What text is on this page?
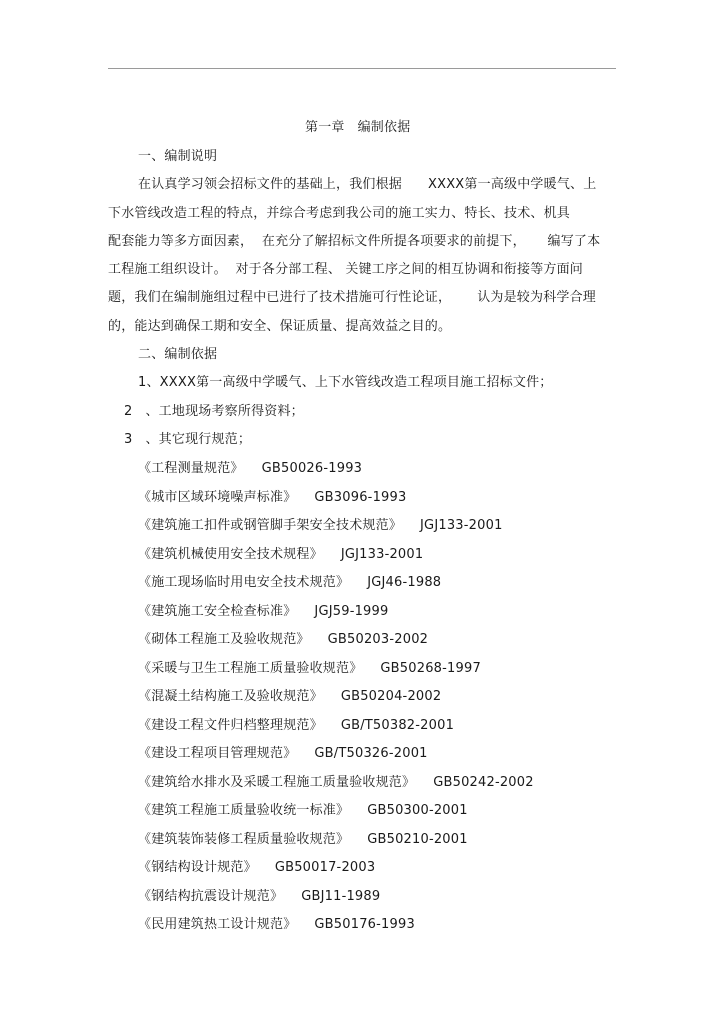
第一章   编制依据
一、编制说明
在认真学习领会招标文件的基础上，我们根据      XXXX第一高级中学暖气、上
下水管线改造工程的特点，并综合考虑到我公司的施工实力、特长、技术、机具
配套能力等多方面因素，  在充分了解招标文件所提各项要求的前提下，     编写了本
工程施工组织设计。  对于各分部工程、 关键工序之间的相互协调和衔接等方面问
题，我们在编制施组过程中已进行了技术措施可行性论证，      认为是较为科学合理
的，能达到确保工期和安全、保证质量、提高效益之目的。
二、编制依据
1、XXXX第一高级中学暖气、上下水管线改造工程项目施工招标文件；
2   、工地现场考察所得资料；
3   、其它现行规范；
《工程测量规范》 GB50026-1993
《城市区域环境噪声标准》 GB3096-1993
《建筑施工扣件或钢管脚手架安全技术规范》 JGJ133-2001
《建筑机械使用安全技术规程》 JGJ133-2001
《施工现场临时用电安全技术规范》 JGJ46-1988
《建筑施工安全检查标准》 JGJ59-1999
《砌体工程施工及验收规范》 GB50203-2002
《采暖与卫生工程施工质量验收规范》 GB50268-1997
《混凝土结构施工及验收规范》 GB50204-2002
《建设工程文件归档整理规范》 GB/T50382-2001
《建设工程项目管理规范》 GB/T50326-2001
《建筑给水排水及采暖工程施工质量验收规范》 GB50242-2002
《建筑工程施工质量验收统一标准》 GB50300-2001
《建筑装饰装修工程质量验收规范》 GB50210-2001
《钢结构设计规范》 GB50017-2003
《钢结构抗震设计规范》 GBJ11-1989
《民用建筑热工设计规范》 GB50176-1993
